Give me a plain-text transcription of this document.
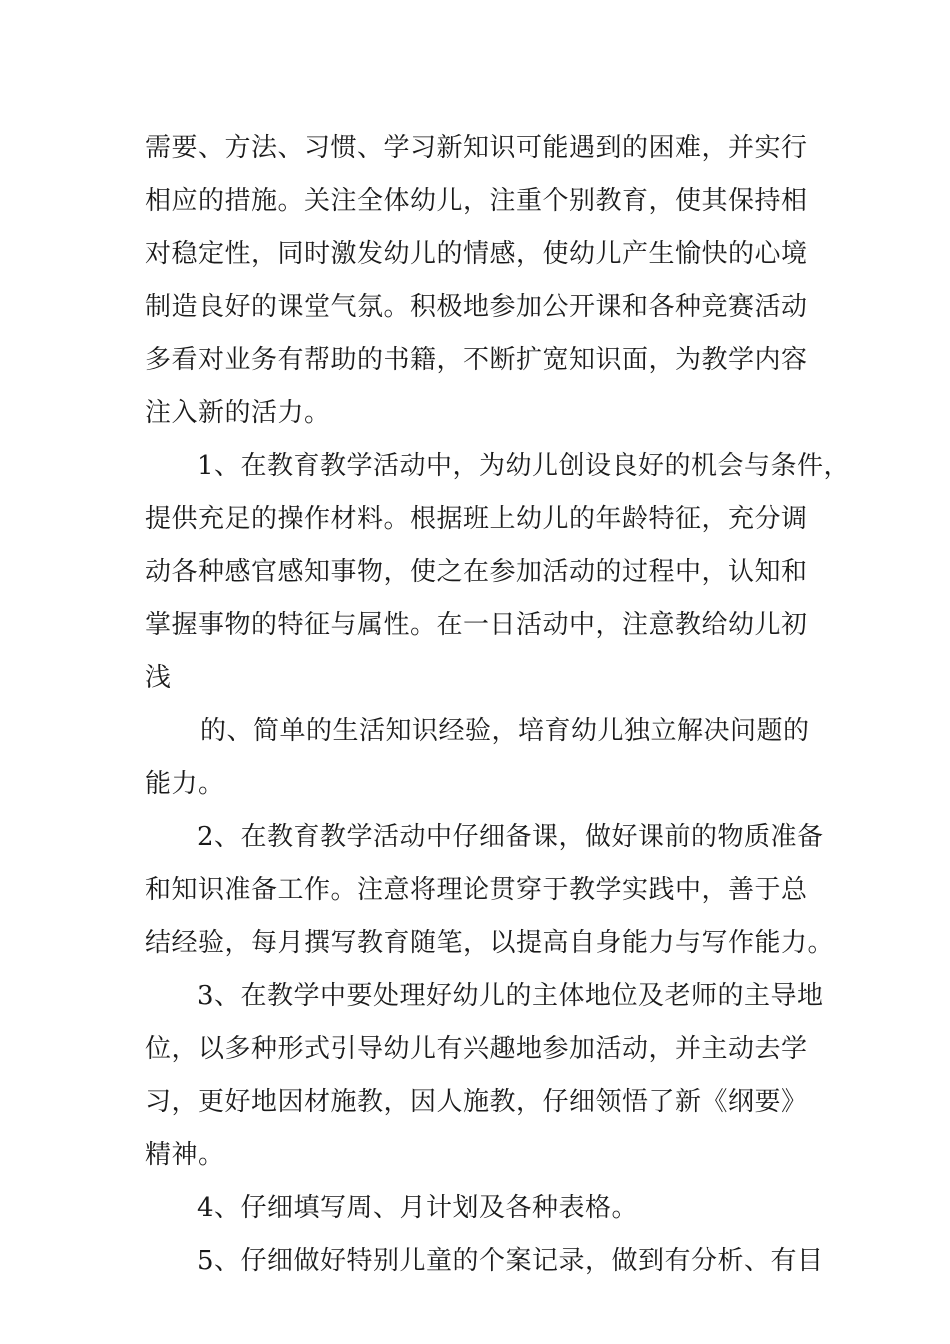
需要、方法、习惯、学习新知识可能遇到的困难，并实行
相应的措施。关注全体幼儿，注重个别教育，使其保持相
对稳定性，同时激发幼儿的情感，使幼儿产生愉快的心境
制造良好的课堂气氛。积极地参加公开课和各种竞赛活动
多看对业务有帮助的书籍，不断扩宽知识面，为教学内容
注入新的活力。
1、在教育教学活动中，为幼儿创设良好的机会与条件，
提供充足的操作材料。根据班上幼儿的年龄特征，充分调
动各种感官感知事物，使之在参加活动的过程中，认知和
掌握事物的特征与属性。在一日活动中，注意教给幼儿初
浅
的、简单的生活知识经验，培育幼儿独立解决问题的
能力。
2、在教育教学活动中仔细备课，做好课前的物质准备
和知识准备工作。注意将理论贯穿于教学实践中，善于总
结经验，每月撰写教育随笔，以提高自身能力与写作能力。
3、在教学中要处理好幼儿的主体地位及老师的主导地
位，以多种形式引导幼儿有兴趣地参加活动，并主动去学
习，更好地因材施教，因人施教，仔细领悟了新《纲要》
精神。
4、仔细填写周、月计划及各种表格。
5、仔细做好特别儿童的个案记录，做到有分析、有目
